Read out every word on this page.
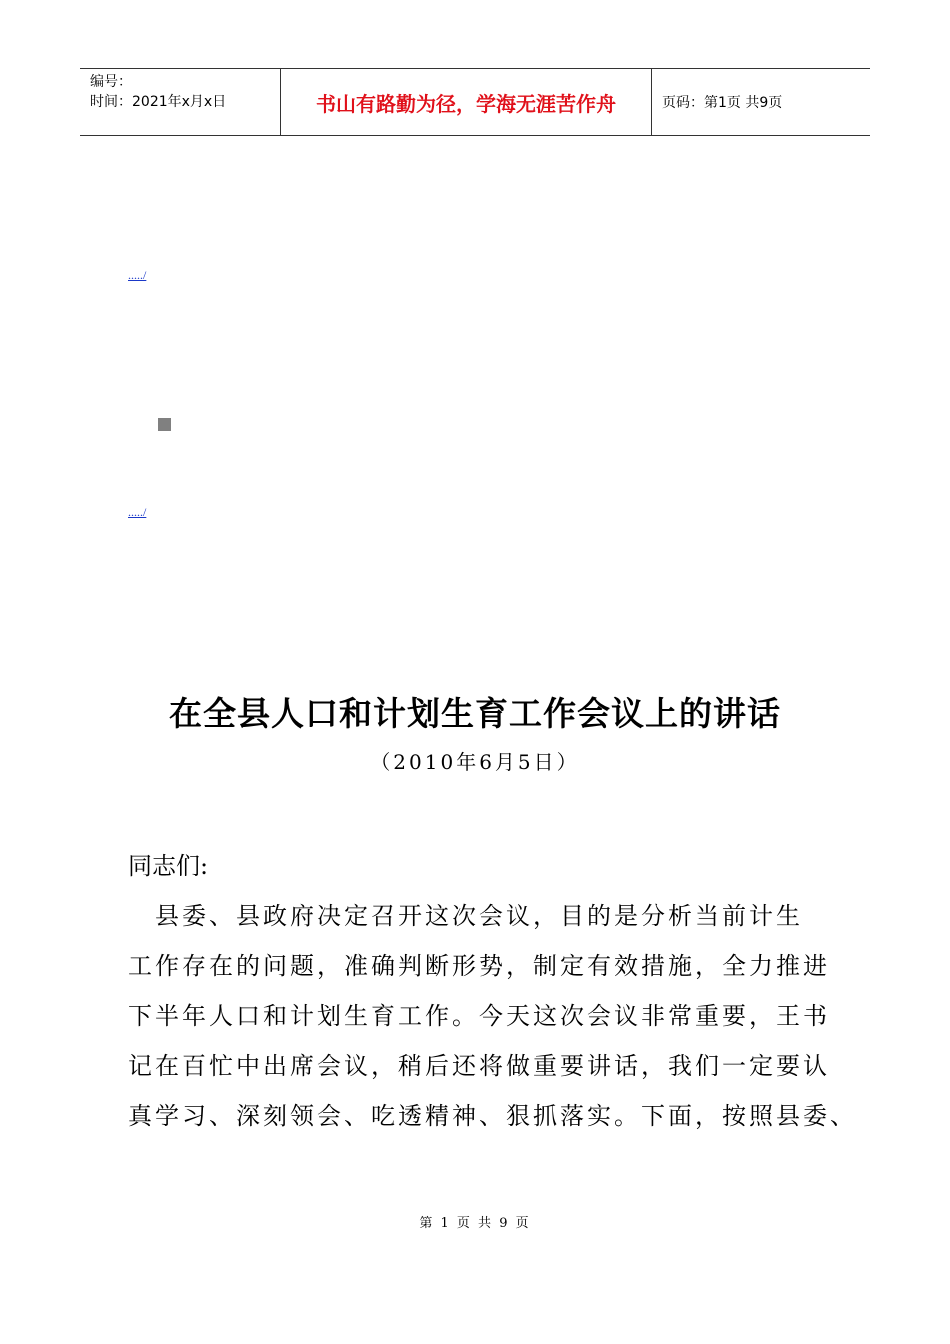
编号：
时间：2021年x月x日	书山有路勤为径，学海无涯苦作舟	页码：第1页 共9页
...../
...../
在全县人口和计划生育工作会议上的讲话
（2010年6月5日）
同志们:
　县委、县政府决定召开这次会议，目的是分析当前计生
工作存在的问题，准确判断形势，制定有效措施，全力推进
下半年人口和计划生育工作。今天这次会议非常重要，王书
记在百忙中出席会议，稍后还将做重要讲话，我们一定要认
真学习、深刻领会、吃透精神、狠抓落实。下面，按照县委、
第 1 页 共 9 页
